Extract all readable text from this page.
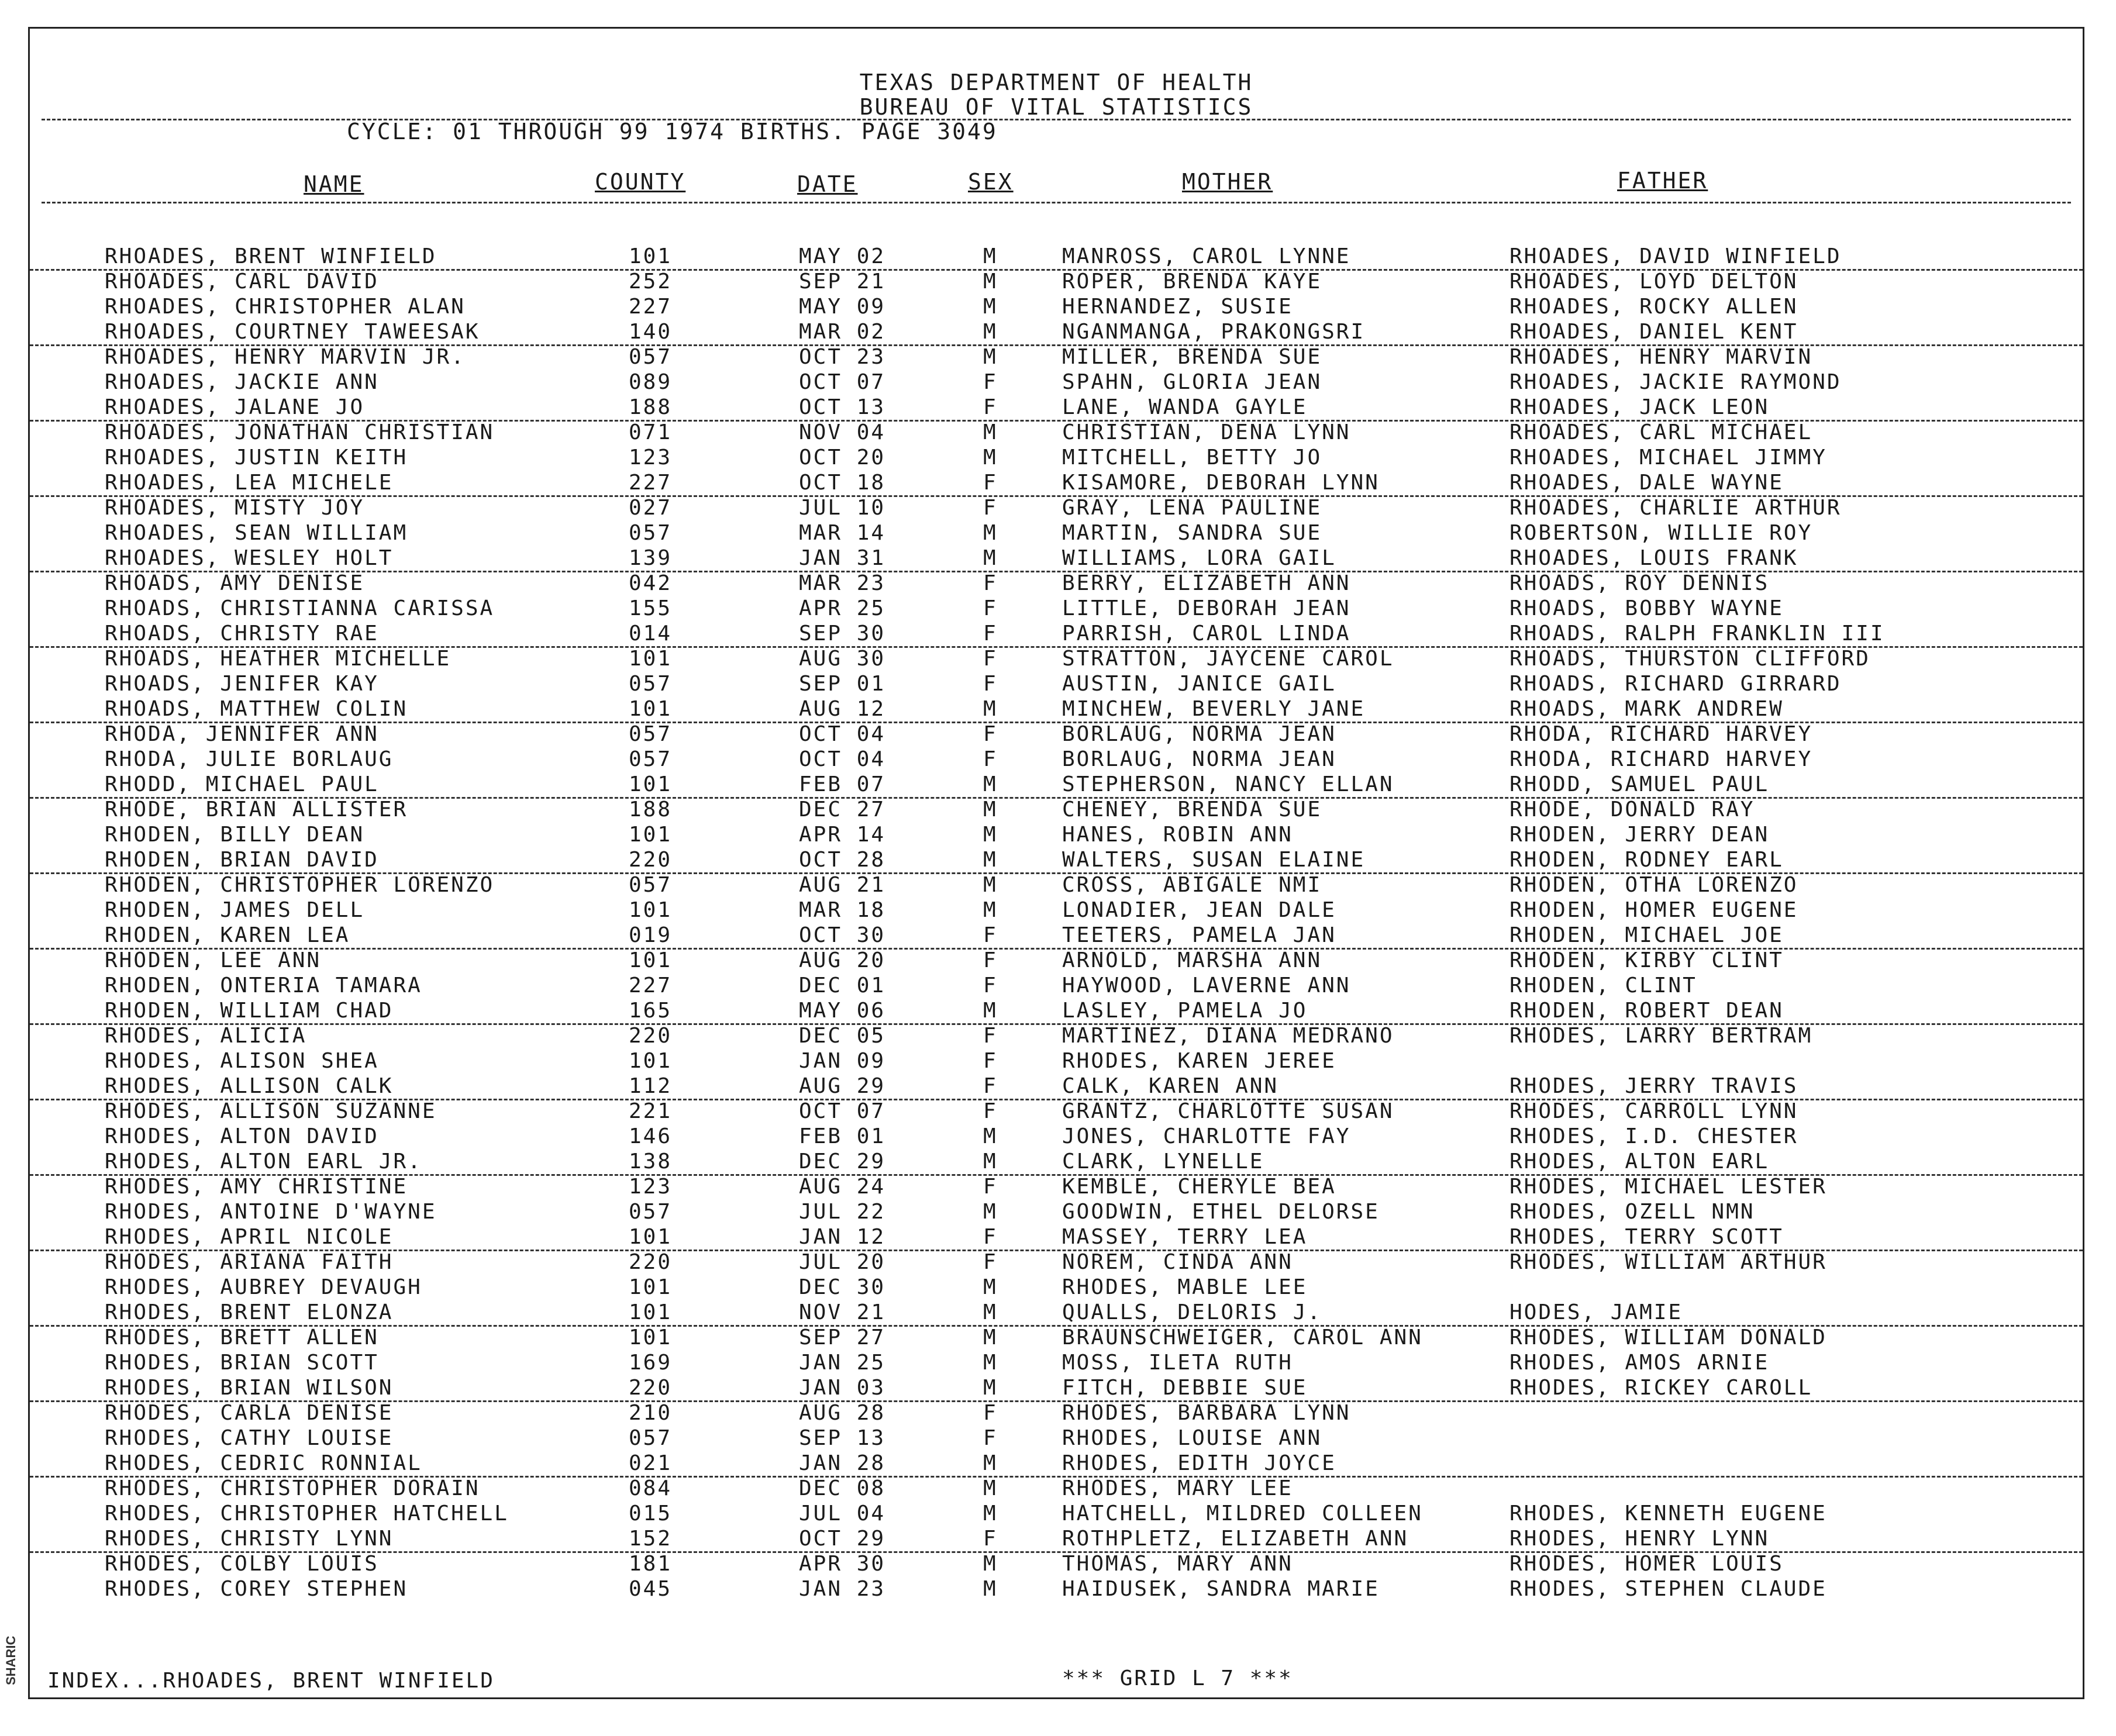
TEXAS DEPARTMENT OF HEALTH
BUREAU OF VITAL STATISTICS
CYCLE: 01 THROUGH 99 1974 BIRTHS. PAGE 3049
NAME	COUNTY	DATE	SEX	MOTHER	FATHER
RHOADES, BRENT WINFIELD	101	MAY 02	M	MANROSS, CAROL LYNNE	RHOADES, DAVID WINFIELD
RHOADES, CARL DAVID	252	SEP 21	M	ROPER, BRENDA KAYE	RHOADES, LOYD DELTON
RHOADES, CHRISTOPHER ALAN	227	MAY 09	M	HERNANDEZ, SUSIE	RHOADES, ROCKY ALLEN
RHOADES, COURTNEY TAWEESAK	140	MAR 02	M	NGANMANGA, PRAKONGSRI	RHOADES, DANIEL KENT
RHOADES, HENRY MARVIN JR.	057	OCT 23	M	MILLER, BRENDA SUE	RHOADES, HENRY MARVIN
RHOADES, JACKIE ANN	089	OCT 07	F	SPAHN, GLORIA JEAN	RHOADES, JACKIE RAYMOND
RHOADES, JALANE JO	188	OCT 13	F	LANE, WANDA GAYLE	RHOADES, JACK LEON
RHOADES, JONATHAN CHRISTIAN	071	NOV 04	M	CHRISTIAN, DENA LYNN	RHOADES, CARL MICHAEL
RHOADES, JUSTIN KEITH	123	OCT 20	M	MITCHELL, BETTY JO	RHOADES, MICHAEL JIMMY
RHOADES, LEA MICHELE	227	OCT 18	F	KISAMORE, DEBORAH LYNN	RHOADES, DALE WAYNE
RHOADES, MISTY JOY	027	JUL 10	F	GRAY, LENA PAULINE	RHOADES, CHARLIE ARTHUR
RHOADES, SEAN WILLIAM	057	MAR 14	M	MARTIN, SANDRA SUE	ROBERTSON, WILLIE ROY
RHOADES, WESLEY HOLT	139	JAN 31	M	WILLIAMS, LORA GAIL	RHOADES, LOUIS FRANK
RHOADS, AMY DENISE	042	MAR 23	F	BERRY, ELIZABETH ANN	RHOADS, ROY DENNIS
RHOADS, CHRISTIANNA CARISSA	155	APR 25	F	LITTLE, DEBORAH JEAN	RHOADS, BOBBY WAYNE
RHOADS, CHRISTY RAE	014	SEP 30	F	PARRISH, CAROL LINDA	RHOADS, RALPH FRANKLIN III
RHOADS, HEATHER MICHELLE	101	AUG 30	F	STRATTON, JAYCENE CAROL	RHOADS, THURSTON CLIFFORD
RHOADS, JENIFER KAY	057	SEP 01	F	AUSTIN, JANICE GAIL	RHOADS, RICHARD GIRRARD
RHOADS, MATTHEW COLIN	101	AUG 12	M	MINCHEW, BEVERLY JANE	RHOADS, MARK ANDREW
RHODA, JENNIFER ANN	057	OCT 04	F	BORLAUG, NORMA JEAN	RHODA, RICHARD HARVEY
RHODA, JULIE BORLAUG	057	OCT 04	F	BORLAUG, NORMA JEAN	RHODA, RICHARD HARVEY
RHODD, MICHAEL PAUL	101	FEB 07	M	STEPHERSON, NANCY ELLAN	RHODD, SAMUEL PAUL
RHODE, BRIAN ALLISTER	188	DEC 27	M	CHENEY, BRENDA SUE	RHODE, DONALD RAY
RHODEN, BILLY DEAN	101	APR 14	M	HANES, ROBIN ANN	RHODEN, JERRY DEAN
RHODEN, BRIAN DAVID	220	OCT 28	M	WALTERS, SUSAN ELAINE	RHODEN, RODNEY EARL
RHODEN, CHRISTOPHER LORENZO	057	AUG 21	M	CROSS, ABIGALE NMI	RHODEN, OTHA LORENZO
RHODEN, JAMES DELL	101	MAR 18	M	LONADIER, JEAN DALE	RHODEN, HOMER EUGENE
RHODEN, KAREN LEA	019	OCT 30	F	TEETERS, PAMELA JAN	RHODEN, MICHAEL JOE
RHODEN, LEE ANN	101	AUG 20	F	ARNOLD, MARSHA ANN	RHODEN, KIRBY CLINT
RHODEN, ONTERIA TAMARA	227	DEC 01	F	HAYWOOD, LAVERNE ANN	RHODEN, CLINT
RHODEN, WILLIAM CHAD	165	MAY 06	M	LASLEY, PAMELA JO	RHODEN, ROBERT DEAN
RHODES, ALICIA	220	DEC 05	F	MARTINEZ, DIANA MEDRANO	RHODES, LARRY BERTRAM
RHODES, ALISON SHEA	101	JAN 09	F	RHODES, KAREN JEREE
RHODES, ALLISON CALK	112	AUG 29	F	CALK, KAREN ANN	RHODES, JERRY TRAVIS
RHODES, ALLISON SUZANNE	221	OCT 07	F	GRANTZ, CHARLOTTE SUSAN	RHODES, CARROLL LYNN
RHODES, ALTON DAVID	146	FEB 01	M	JONES, CHARLOTTE FAY	RHODES, I.D. CHESTER
RHODES, ALTON EARL JR.	138	DEC 29	M	CLARK, LYNELLE	RHODES, ALTON EARL
RHODES, AMY CHRISTINE	123	AUG 24	F	KEMBLE, CHERYLE BEA	RHODES, MICHAEL LESTER
RHODES, ANTOINE D'WAYNE	057	JUL 22	M	GOODWIN, ETHEL DELORSE	RHODES, OZELL NMN
RHODES, APRIL NICOLE	101	JAN 12	F	MASSEY, TERRY LEA	RHODES, TERRY SCOTT
RHODES, ARIANA FAITH	220	JUL 20	F	NOREM, CINDA ANN	RHODES, WILLIAM ARTHUR
RHODES, AUBREY DEVAUGH	101	DEC 30	M	RHODES, MABLE LEE
RHODES, BRENT ELONZA	101	NOV 21	M	QUALLS, DELORIS J.	HODES, JAMIE
RHODES, BRETT ALLEN	101	SEP 27	M	BRAUNSCHWEIGER, CAROL ANN	RHODES, WILLIAM DONALD
RHODES, BRIAN SCOTT	169	JAN 25	M	MOSS, ILETA RUTH	RHODES, AMOS ARNIE
RHODES, BRIAN WILSON	220	JAN 03	M	FITCH, DEBBIE SUE	RHODES, RICKEY CAROLL
RHODES, CARLA DENISE	210	AUG 28	F	RHODES, BARBARA LYNN
RHODES, CATHY LOUISE	057	SEP 13	F	RHODES, LOUISE ANN
RHODES, CEDRIC RONNIAL	021	JAN 28	M	RHODES, EDITH JOYCE
RHODES, CHRISTOPHER DORAIN	084	DEC 08	M	RHODES, MARY LEE
RHODES, CHRISTOPHER HATCHELL	015	JUL 04	M	HATCHELL, MILDRED COLLEEN	RHODES, KENNETH EUGENE
RHODES, CHRISTY LYNN	152	OCT 29	F	ROTHPLETZ, ELIZABETH ANN	RHODES, HENRY LYNN
RHODES, COLBY LOUIS	181	APR 30	M	THOMAS, MARY ANN	RHODES, HOMER LOUIS
RHODES, COREY STEPHEN	045	JAN 23	M	HAIDUSEK, SANDRA MARIE	RHODES, STEPHEN CLAUDE
INDEX...RHOADES, BRENT WINFIELD	*** GRID L 7 ***
SHARIC
